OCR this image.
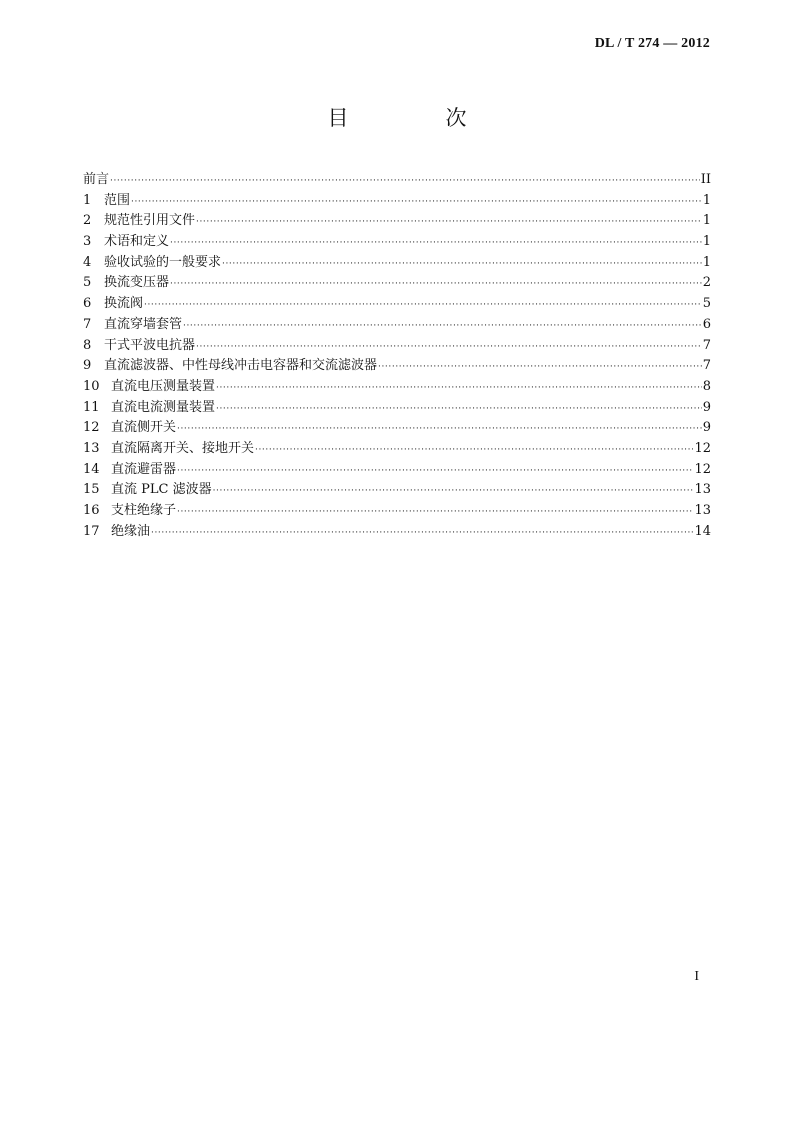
DL / T 274 — 2012
目　次
前言 ·····	II
1 范围 ·····	1
2 规范性引用文件 ·····	1
3 术语和定义 ·····	1
4 验收试验的一般要求 ·····	1
5 换流变压器 ·····	2
6 换流阀 ·····	5
7 直流穿墙套管 ·····	6
8 干式平波电抗器 ·····	7
9 直流滤波器、中性母线冲击电容器和交流滤波器 ·····	7
10 直流电压测量装置 ·····	8
11 直流电流测量装置 ·····	9
12 直流侧开关 ·····	9
13 直流隔离开关、接地开关 ·····	12
14 直流避雷器 ·····	12
15 直流 PLC 滤波器 ·····	13
16 支柱绝缘子 ·····	13
17 绝缘油 ·····	14
I
